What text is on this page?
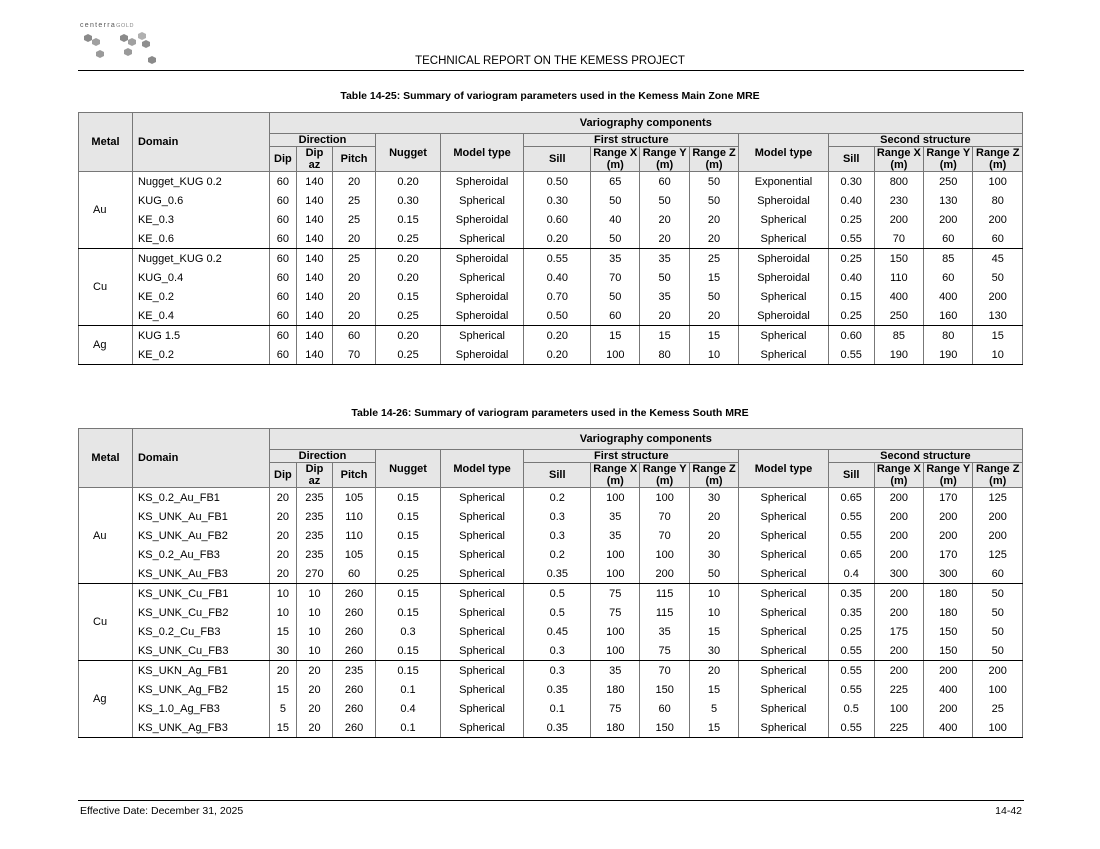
centerraGOLD
TECHNICAL REPORT ON THE KEMESS PROJECT
Table 14-25: Summary of variogram parameters used in the Kemess Main Zone MRE
Metal	Domain	Variography components													
		Direction			Nugget	Model type	First structure				Model type	Second structure			
		Dip	Dip az	Pitch			Sill	Range X (m)	Range Y (m)	Range Z (m)		Sill	Range X (m)	Range Y (m)	Range Z (m)
Au	Nugget_KUG 0.2	60	140	20	0.20	Spheroidal	0.50	65	60	50	Exponential	0.30	800	250	100
	KUG_0.6	60	140	25	0.30	Spherical	0.30	50	50	50	Spheroidal	0.40	230	130	80
	KE_0.3	60	140	25	0.15	Spheroidal	0.60	40	20	20	Spherical	0.25	200	200	200
	KE_0.6	60	140	20	0.25	Spherical	0.20	50	20	20	Spherical	0.55	70	60	60
Cu	Nugget_KUG 0.2	60	140	25	0.20	Spheroidal	0.55	35	35	25	Spheroidal	0.25	150	85	45
	KUG_0.4	60	140	20	0.20	Spherical	0.40	70	50	15	Spheroidal	0.40	110	60	50
	KE_0.2	60	140	20	0.15	Spheroidal	0.70	50	35	50	Spherical	0.15	400	400	200
	KE_0.4	60	140	20	0.25	Spheroidal	0.50	60	20	20	Spheroidal	0.25	250	160	130
Ag	KUG 1.5	60	140	60	0.20	Spherical	0.20	15	15	15	Spherical	0.60	85	80	15
	KE_0.2	60	140	70	0.25	Spheroidal	0.20	100	80	10	Spherical	0.55	190	190	10
Table 14-26: Summary of variogram parameters used in the Kemess South MRE
Metal	Domain	Variography components													
		Direction			Nugget	Model type	First structure				Model type	Second structure			
		Dip	Dip az	Pitch			Sill	Range X (m)	Range Y (m)	Range Z (m)		Sill	Range X (m)	Range Y (m)	Range Z (m)
Au	KS_0.2_Au_FB1	20	235	105	0.15	Spherical	0.2	100	100	30	Spherical	0.65	200	170	125
	KS_UNK_Au_FB1	20	235	110	0.15	Spherical	0.3	35	70	20	Spherical	0.55	200	200	200
	KS_UNK_Au_FB2	20	235	110	0.15	Spherical	0.3	35	70	20	Spherical	0.55	200	200	200
	KS_0.2_Au_FB3	20	235	105	0.15	Spherical	0.2	100	100	30	Spherical	0.65	200	170	125
	KS_UNK_Au_FB3	20	270	60	0.25	Spherical	0.35	100	200	50	Spherical	0.4	300	300	60
Cu	KS_UNK_Cu_FB1	10	10	260	0.15	Spherical	0.5	75	115	10	Spherical	0.35	200	180	50
	KS_UNK_Cu_FB2	10	10	260	0.15	Spherical	0.5	75	115	10	Spherical	0.35	200	180	50
	KS_0.2_Cu_FB3	15	10	260	0.3	Spherical	0.45	100	35	15	Spherical	0.25	175	150	50
	KS_UNK_Cu_FB3	30	10	260	0.15	Spherical	0.3	100	75	30	Spherical	0.55	200	150	50
Ag	KS_UKN_Ag_FB1	20	20	235	0.15	Spherical	0.3	35	70	20	Spherical	0.55	200	200	200
	KS_UNK_Ag_FB2	15	20	260	0.1	Spherical	0.35	180	150	15	Spherical	0.55	225	400	100
	KS_1.0_Ag_FB3	5	20	260	0.4	Spherical	0.1	75	60	5	Spherical	0.5	100	200	25
	KS_UNK_Ag_FB3	15	20	260	0.1	Spherical	0.35	180	150	15	Spherical	0.55	225	400	100
Effective Date: December 31, 2025	14-42
